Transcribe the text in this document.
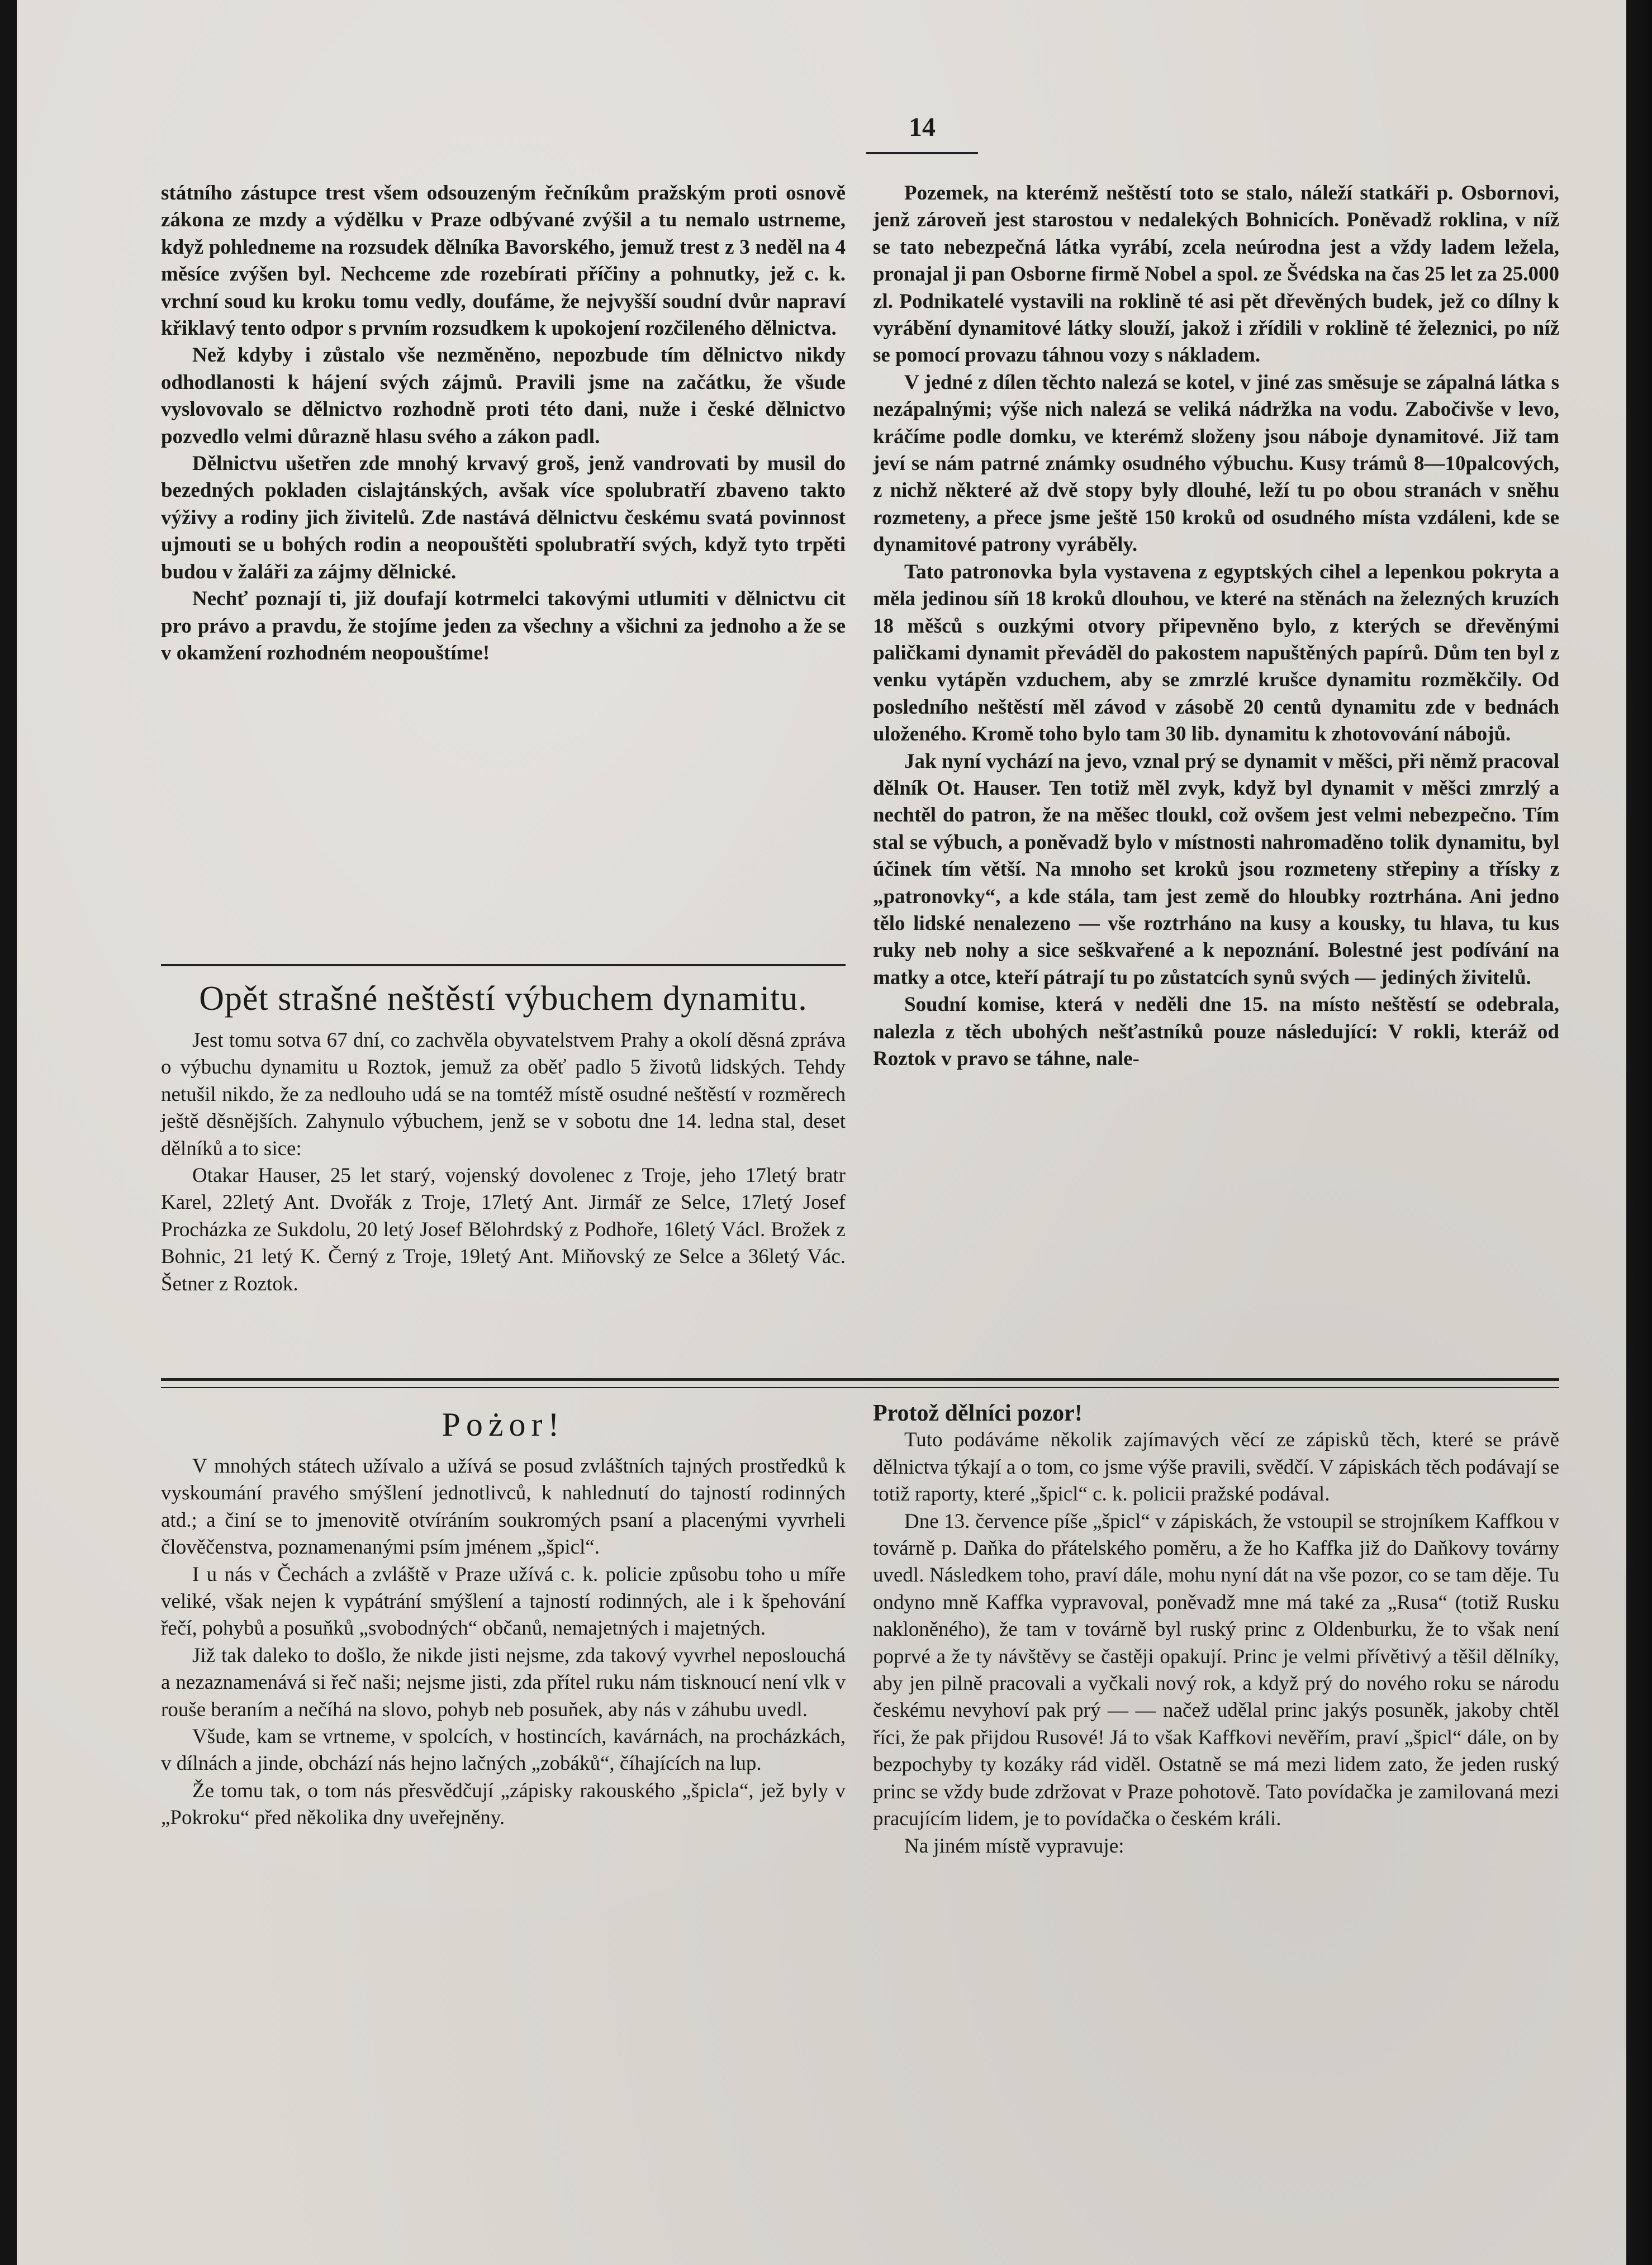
14

státního zástupce trest všem odsouzeným řečníkům pražským proti osnově zákona ze mzdy a výdělku v Praze odbývané zvýšil a tu nemalo ustrneme, když pohledneme na rozsudek dělníka Bavorského, jemuž trest z 3 neděl na 4 měsíce zvýšen byl. Nechceme zde rozebírati příčiny a pohnutky, jež c. k. vrchní soud ku kroku tomu vedly, doufáme, že nejvyšší soudní dvůr napraví křiklavý tento odpor s prvním rozsudkem k upokojení rozčileného dělnictva.

Než kdyby i zůstalo vše nezměněno, nepozbude tím dělnictvo nikdy odhodlanosti k hájení svých zájmů. Pravili jsme na začátku, že všude vyslovovalo se dělnictvo rozhodně proti této dani, nuže i české dělnictvo pozvedlo velmi důrazně hlasu svého a zákon padl.

Dělnictvu ušetřen zde mnohý krvavý groš, jenž vandrovati by musil do bezedných pokladen cislajtánských, avšak více spolubratří zbaveno takto výživy a rodiny jich živitelů. Zde nastává dělnictvu českému svatá povinnost ujmouti se u bohých rodin a neopouštěti spolubratří svých, když tyto trpěti budou v žaláři za zájmy dělnické.

Nechť poznají ti, již doufají kotrmelci takovými utlumiti v dělnictvu cit pro právo a pravdu, že stojíme jeden za všechny a všichni za jednoho a že se v okamžení rozhodném neopouštíme!

Opět strašné neštěstí výbuchem dynamitu.

Jest tomu sotva 67 dní, co zachvěla obyvatelstvem Prahy a okolí děsná zpráva o výbuchu dynamitu u Roztok, jemuž za oběť padlo 5 životů lidských. Tehdy netušil nikdo, že za nedlouho udá se na tomtéž místě osudné neštěstí v rozměrech ještě děsnějších. Zahynulo výbuchem, jenž se v sobotu dne 14. ledna stal, deset dělníků a to sice:

Otakar Hauser, 25 let starý, vojenský dovolenec z Troje, jeho 17letý bratr Karel, 22letý Ant. Dvořák z Troje, 17letý Ant. Jirmář ze Selce, 17letý Josef Procházka ze Sukdolu, 20 letý Josef Bělohrdský z Podhoře, 16letý Václ. Brožek z Bohnic, 21 letý K. Černý z Troje, 19letý Ant. Miňovský ze Selce a 36letý Vác. Šetner z Roztok.

Pozemek, na kterémž neštěstí toto se stalo, náleží statkáři p. Osbornovi, jenž zároveň jest starostou v nedalekých Bohnicích. Poněvadž roklina, v níž se tato nebezpečná látka vyrábí, zcela neúrodna jest a vždy ladem ležela, pronajal ji pan Osborne firmě Nobel a spol. ze Švédska na čas 25 let za 25.000 zl. Podnikatelé vystavili na roklině té asi pět dřevěných budek, jež co dílny k vyrábění dynamitové látky slouží, jakož i zřídili v roklině té železnici, po níž se pomocí provazu táhnou vozy s nákladem.

V jedné z dílen těchto nalezá se kotel, v jiné zas směsuje se zápalná látka s nezápalnými; výše nich nalezá se veliká nádržka na vodu. Zabočivše v levo, kráčíme podle domku, ve kterémž složeny jsou náboje dynamitové. Již tam jeví se nám patrné známky osudného výbuchu. Kusy trámů 8—10palcových, z nichž některé až dvě stopy byly dlouhé, leží tu po obou stranách v sněhu rozmeteny, a přece jsme ještě 150 kroků od osudného místa vzdáleni, kde se dynamitové patrony vyráběly.

Tato patronovka byla vystavena z egyptských cihel a lepenkou pokryta a měla jedinou síň 18 kroků dlouhou, ve které na stěnách na železných kruzích 18 měšců s ouzkými otvory připevněno bylo, z kterých se dřevěnými paličkami dynamit převáděl do pakostem napuštěných papírů. Dům ten byl z venku vytápěn vzduchem, aby se zmrzlé krušce dynamitu rozměkčily. Od posledního neštěstí měl závod v zásobě 20 centů dynamitu zde v bednách uloženého. Kromě toho bylo tam 30 lib. dynamitu k zhotovování nábojů.

Jak nyní vychází na jevo, vznal prý se dynamit v měšci, při němž pracoval dělník Ot. Hauser. Ten totiž měl zvyk, když byl dynamit v měšci zmrzlý a nechtěl do patron, že na měšec tloukl, což ovšem jest velmi nebezpečno. Tím stal se výbuch, a poněvadž bylo v místnosti nahromaděno tolik dynamitu, byl účinek tím větší. Na mnoho set kroků jsou rozmeteny střepiny a třísky z „patronovky“, a kde stála, tam jest země do hloubky roztrhána. Ani jedno tělo lidské nenalezeno — vše roztrháno na kusy a kousky, tu hlava, tu kus ruky neb nohy a sice seškvařené a k nepoznání. Bolestné jest podívání na matky a otce, kteří pátrají tu po zůstatcích synů svých — jediných živitelů.

Soudní komise, která v neděli dne 15. na místo neštěstí se odebrala, nalezla z těch ubohých nešťastníků pouze následující: V rokli, kteráž od Roztok v pravo se táhne, nale-

Pożor!

V mnohých státech užívalo a užívá se posud zvláštních tajných prostředků k vyskoumání pravého smýšlení jednotlivců, k nahlednutí do tajností rodinných atd.; a činí se to jmenovitě otvíráním soukromých psaní a placenými vyvrheli člověčenstva, poznamenanými psím jménem „špicl“.

I u nás v Čechách a zvláště v Praze užívá c. k. policie způsobu toho u míře veliké, však nejen k vypátrání smýšlení a tajností rodinných, ale i k špehování řečí, pohybů a posuňků „svobodných“ občanů, nemajetných i majetných.

Již tak daleko to došlo, že nikde jisti nejsme, zda takový vyvrhel neposlouchá a nezaznamenává si řeč naši; nejsme jisti, zda přítel ruku nám tisknoucí není vlk v rouše beraním a nečíhá na slovo, pohyb neb posuňek, aby nás v záhubu uvedl.

Všude, kam se vrtneme, v spolcích, v hostincích, kavárnách, na procházkách, v dílnách a jinde, obchází nás hejno lačných „zobáků“, číhajících na lup.

Že tomu tak, o tom nás přesvědčují „zápisky rakouského „špicla“, jež byly v „Pokroku“ před několika dny uveřejněny.

Protož dělníci pozor!

Tuto podáváme několik zajímavých věcí ze zápisků těch, které se právě dělnictva týkají a o tom, co jsme výše pravili, svědčí. V zápiskách těch podávají se totiž raporty, které „špicl“ c. k. policii pražské podával.

Dne 13. července píše „špicl“ v zápiskách, že vstoupil se strojníkem Kaffkou v továrně p. Daňka do přátelského poměru, a že ho Kaffka již do Daňkovy továrny uvedl. Následkem toho, praví dále, mohu nyní dát na vše pozor, co se tam děje. Tu ondyno mně Kaffka vypravoval, poněvadž mne má také za „Rusa“ (totiž Rusku nakloněného), že tam v továrně byl ruský princ z Oldenburku, že to však není poprvé a že ty návštěvy se častěji opakují. Princ je velmi přívětivý a těšil dělníky, aby jen pilně pracovali a vyčkali nový rok, a když prý do nového roku se národu českému nevyhoví pak prý — — načež udělal princ jakýs posuněk, jakoby chtěl říci, že pak přijdou Rusové! Já to však Kaffkovi nevěřím, praví „špicl“ dále, on by bezpochyby ty kozáky rád viděl. Ostatně se má mezi lidem zato, že jeden ruský princ se vždy bude zdržovat v Praze pohotově. Tato povídačka je zamilovaná mezi pracujícím lidem, je to povídačka o českém králi.

Na jiném místě vypravuje:
